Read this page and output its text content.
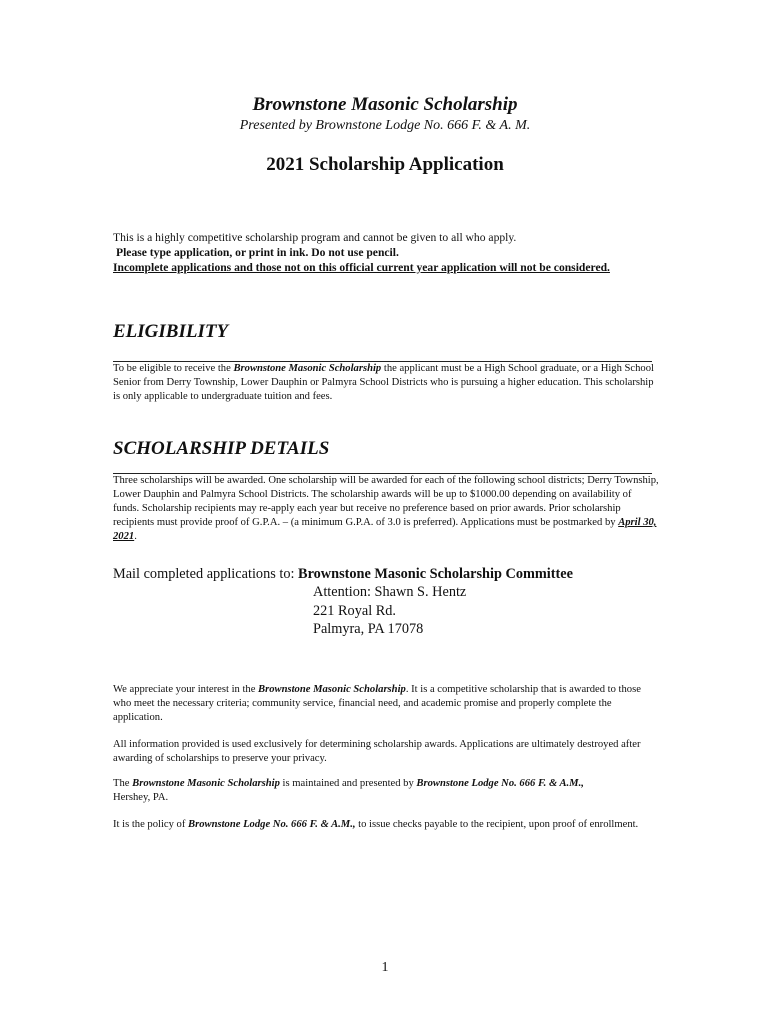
Brownstone Masonic Scholarship
Presented by Brownstone Lodge No. 666 F. & A. M.
2021 Scholarship Application
This is a highly competitive scholarship program and cannot be given to all who apply.
Please type application, or print in ink. Do not use pencil.
Incomplete applications and those not on this official current year application will not be considered.
ELIGIBILITY
To be eligible to receive the Brownstone Masonic Scholarship the applicant must be a High School graduate, or a High School Senior from Derry Township, Lower Dauphin or Palmyra School Districts who is pursuing a higher education. This scholarship is only applicable to undergraduate tuition and fees.
SCHOLARSHIP DETAILS
Three scholarships will be awarded. One scholarship will be awarded for each of the following school districts; Derry Township, Lower Dauphin and Palmyra School Districts. The scholarship awards will be up to $1000.00 depending on availability of funds. Scholarship recipients may re-apply each year but receive no preference based on prior awards. Prior scholarship recipients must provide proof of G.P.A. – (a minimum G.P.A. of 3.0 is preferred). Applications must be postmarked by April 30, 2021.
Mail completed applications to: Brownstone Masonic Scholarship Committee
Attention: Shawn S. Hentz
221 Royal Rd.
Palmyra, PA 17078
We appreciate your interest in the Brownstone Masonic Scholarship. It is a competitive scholarship that is awarded to those who meet the necessary criteria; community service, financial need, and academic promise and properly complete the application.
All information provided is used exclusively for determining scholarship awards. Applications are ultimately destroyed after awarding of scholarships to preserve your privacy.
The Brownstone Masonic Scholarship is maintained and presented by Brownstone Lodge No. 666 F. & A.M.,
Hershey, PA.
It is the policy of Brownstone Lodge No. 666 F. & A.M., to issue checks payable to the recipient, upon proof of enrollment.
1
